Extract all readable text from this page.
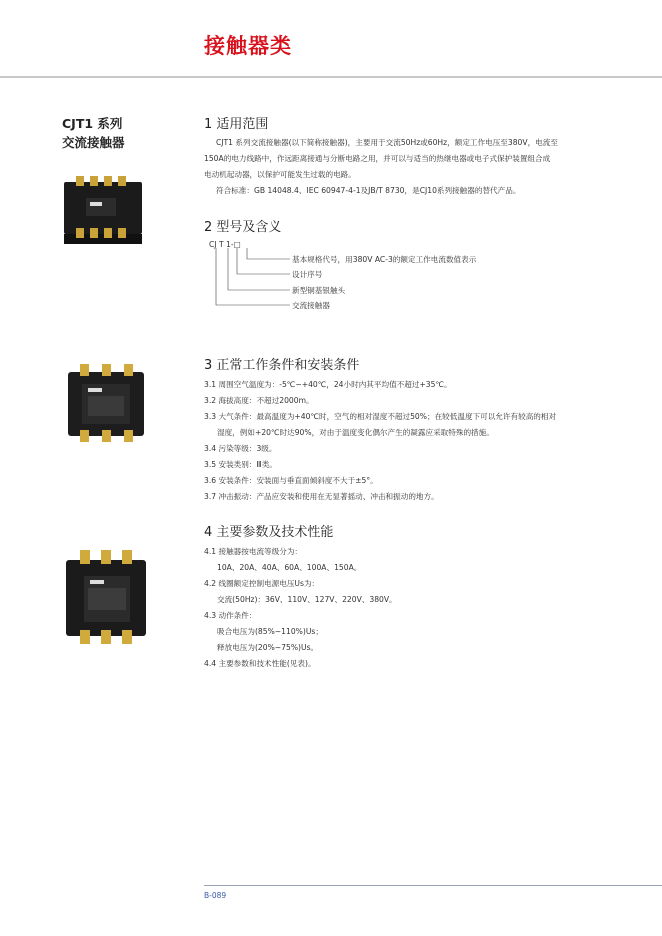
接触器类
CJT1 系列
交流接触器
1 适用范围

CJT1 系列交流接触器(以下简称接触器)，主要用于交流50Hz或60Hz，额定工作电压至380V，电流至

150A的电力线路中，作远距离接通与分断电路之用，并可以与适当的热继电器或电子式保护装置组合成

电动机起动器，以保护可能发生过载的电路。

符合标准：GB 14048.4、IEC 60947-4-1及JB/T 8730，是CJ10系列接触器的替代产品。

2 型号及含义
CJ T 1-□
基本规格代号，用380V AC-3的额定工作电流数值表示
设计序号
新型铜基银触头
交流接触器
3 正常工作条件和安装条件
3.1 周围空气温度为：-5℃~+40℃，24小时内其平均值不超过+35℃。
3.2 海拔高度：不超过2000m。
3.3 大气条件：最高温度为+40℃时，空气的相对湿度不超过50%；在较低温度下可以允许有较高的相对
湿度，例如+20℃时达90%，对由于温度变化偶尔产生的凝露应采取特殊的措施。
3.4 污染等级：3级。
3.5 安装类别：Ⅲ类。
3.6 安装条件：安装面与垂直面倾斜度不大于±5°。
3.7 冲击振动：产品应安装和使用在无显著摇动、冲击和振动的地方。
4 主要参数及技术性能
4.1 接触器按电流等级分为：
10A、20A、40A、60A、100A、150A。
4.2 线圈额定控制电源电压Us为：
交流(50Hz)：36V、110V、127V、220V、380V。
4.3 动作条件：
吸合电压为(85%~110%)Us；
释放电压为(20%~75%)Us。
4.4 主要参数和技术性能(见表)。
B-089
